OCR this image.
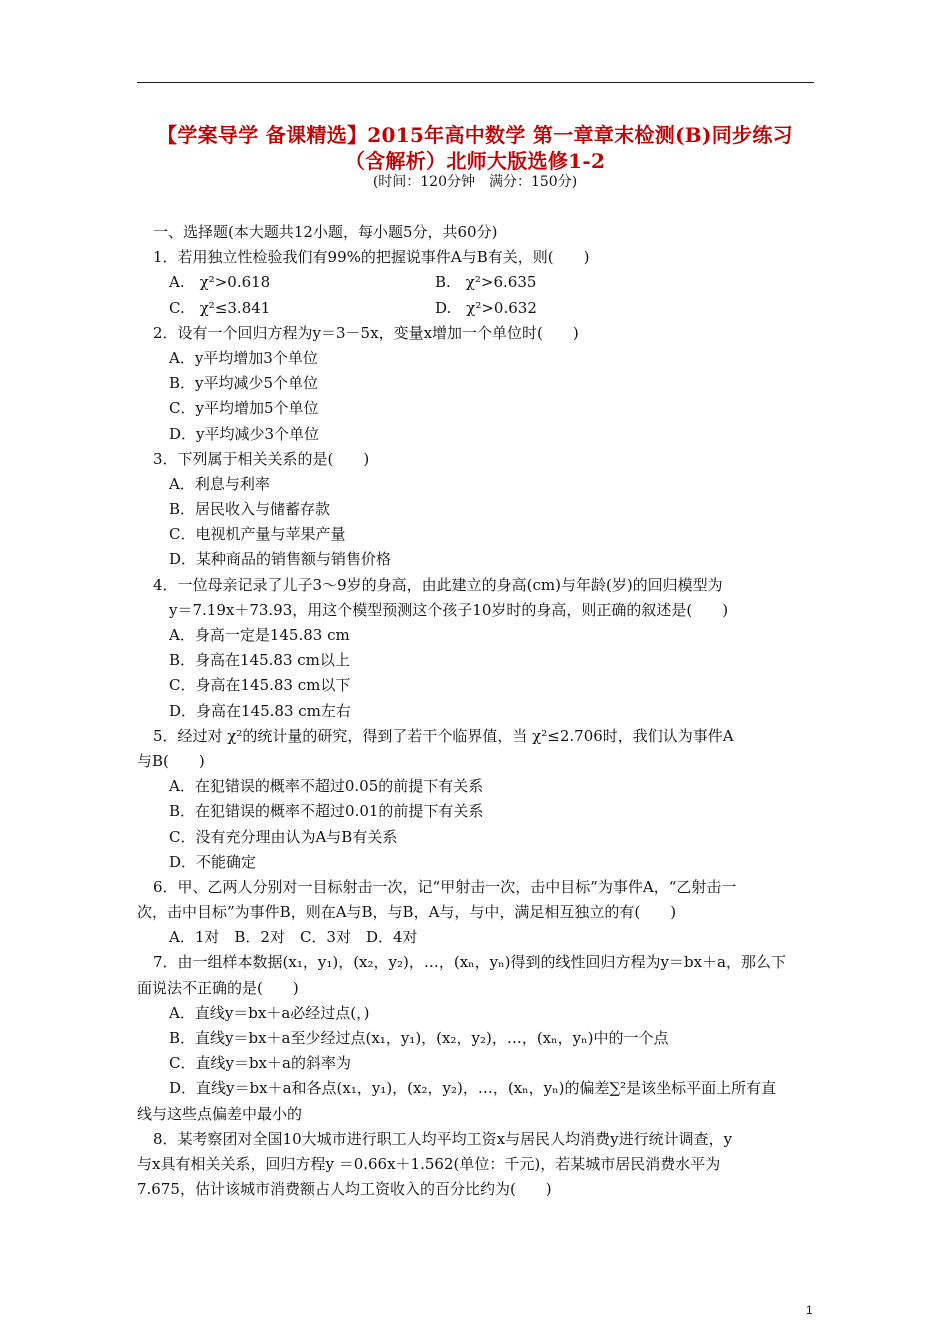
【学案导学 备课精选】2015年高中数学 第一章章末检测(B)同步练习
（含解析）北师大版选修1-2
(时间：120分钟　满分：150分)
一、选择题(本大题共12小题，每小题5分，共60分)
1．若用独立性检验我们有99%的把握说事件A与B有关，则(　　)
A.　χ²>0.618	B.　χ²>6.635
C.　χ²≤3.841	D.　χ²>0.632
2．设有一个回归方程为y＝3－5x，变量x增加一个单位时(　　)
A．y平均增加3个单位
B．y平均减少5个单位
C．y平均增加5个单位
D．y平均减少3个单位
3．下列属于相关关系的是(　　)
A．利息与利率
B．居民收入与储蓄存款
C．电视机产量与苹果产量
D．某种商品的销售额与销售价格
4．一位母亲记录了儿子3～9岁的身高，由此建立的身高(cm)与年龄(岁)的回归模型为
y＝7.19x＋73.93，用这个模型预测这个孩子10岁时的身高，则正确的叙述是(　　)
A．身高一定是145.83 cm
B．身高在145.83 cm以上
C．身高在145.83 cm以下
D．身高在145.83 cm左右
5．经过对 χ²的统计量的研究，得到了若干个临界值，当 χ²≤2.706时，我们认为事件A
与B(　　)
A．在犯错误的概率不超过0.05的前提下有关系
B．在犯错误的概率不超过0.01的前提下有关系
C．没有充分理由认为A与B有关系
D．不能确定
6．甲、乙两人分别对一目标射击一次，记“甲射击一次，击中目标”为事件A，“乙射击一
次，击中目标”为事件B，则在A与B，与B，A与，与中，满足相互独立的有(　　)
A．1对　B．2对　C．3对　D．4对
7．由一组样本数据(x₁，y₁)，(x₂，y₂)，…，(xₙ，yₙ)得到的线性回归方程为y＝bx＋a，那么下
面说法不正确的是(　　)
A．直线y＝bx＋a必经过点(，)
B．直线y＝bx＋a至少经过点(x₁，y₁)，(x₂，y₂)，…，(xₙ，yₙ)中的一个点
C．直线y＝bx＋a的斜率为
D．直线y＝bx＋a和各点(x₁，y₁)，(x₂，y₂)，…，(xₙ，yₙ)的偏差∑²是该坐标平面上所有直
线与这些点偏差中最小的
8．某考察团对全国10大城市进行职工人均平均工资x与居民人均消费y进行统计调查，y
与x具有相关关系，回归方程y ＝0.66x＋1.562(单位：千元)，若某城市居民消费水平为
7.675，估计该城市消费额占人均工资收入的百分比约为(　　)
1
